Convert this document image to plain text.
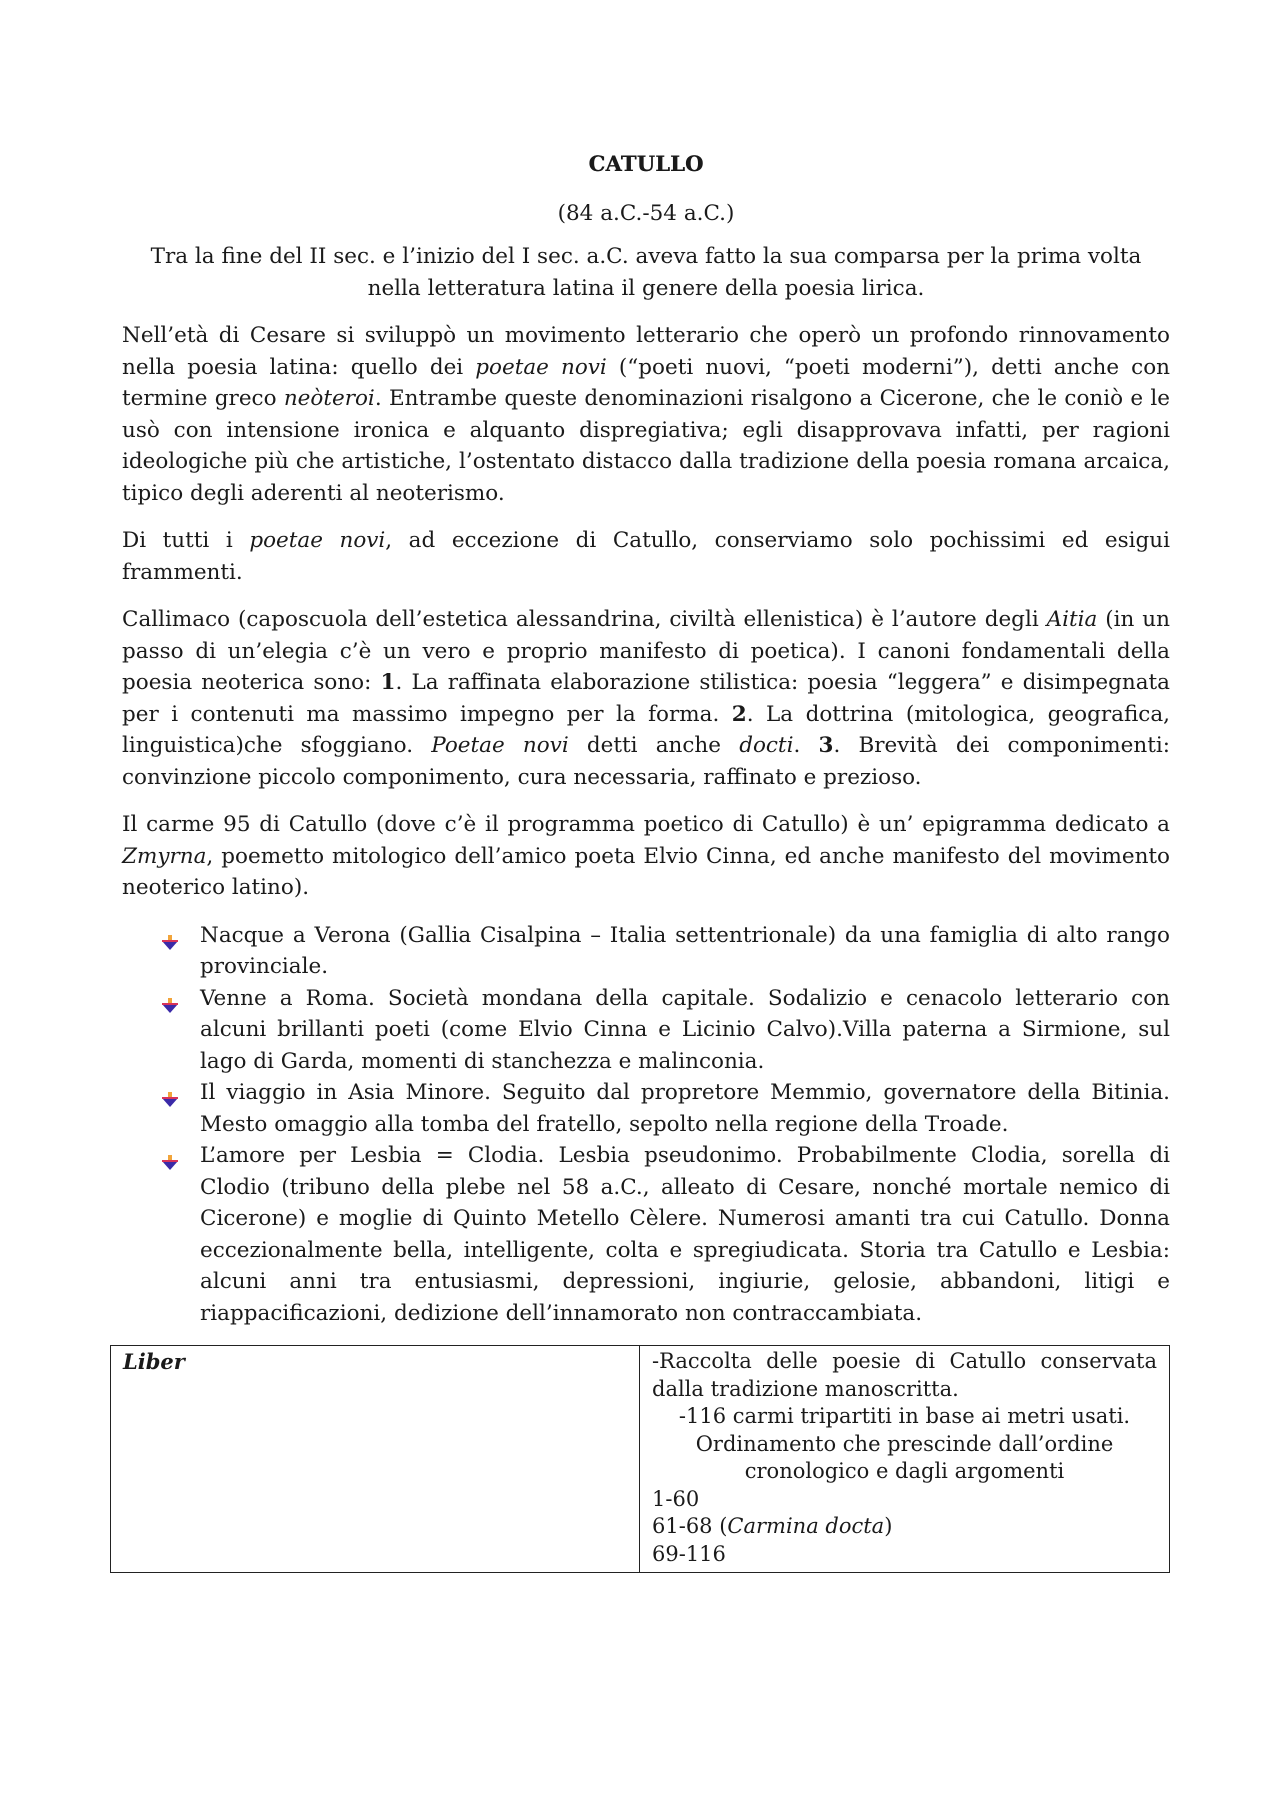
CATULLO
(84 a.C.-54 a.C.)
Tra la fine del II sec. e l’inizio del I sec. a.C. aveva fatto la sua comparsa per la prima volta nella letteratura latina il genere della poesia lirica.

Nell’età di Cesare si sviluppò un movimento letterario che operò un profondo rinnovamento nella poesia latina: quello dei poetae novi (“poeti nuovi, “poeti moderni”), detti anche con termine greco neòteroi. Entrambe queste denominazioni risalgono a Cicerone, che le coniò e le usò con intensione ironica e alquanto dispregiativa; egli disapprovava infatti, per ragioni ideologiche più che artistiche, l’ostentato distacco dalla tradizione della poesia romana arcaica, tipico degli aderenti al neoterismo.

Di tutti i poetae novi, ad eccezione di Catullo, conserviamo solo pochissimi ed esigui frammenti.

Callimaco (caposcuola dell’estetica alessandrina, civiltà ellenistica) è l’autore degli Aitia (in un passo di un’elegia c’è un vero e proprio manifesto di poetica). I canoni fondamentali della poesia neoterica sono: 1. La raffinata elaborazione stilistica: poesia “leggera” e disimpegnata per i contenuti ma massimo impegno per la forma. 2. La dottrina (mitologica, geografica, linguistica)che sfoggiano. Poetae novi detti anche docti. 3. Brevità dei componimenti: convinzione piccolo componimento, cura necessaria, raffinato e prezioso.

Il carme 95 di Catullo (dove c’è il programma poetico di Catullo) è un’ epigramma dedicato a Zmyrna, poemetto mitologico dell’amico poeta Elvio Cinna, ed anche manifesto del movimento neoterico latino).

Nacque a Verona (Gallia Cisalpina – Italia settentrionale) da una famiglia di alto rango provinciale.
Venne a Roma. Società mondana della capitale. Sodalizio e cenacolo letterario con alcuni brillanti poeti (come Elvio Cinna e Licinio Calvo).Villa paterna a Sirmione, sul lago di Garda, momenti di stanchezza e malinconia.
Il viaggio in Asia Minore. Seguito dal propretore Memmio, governatore della Bitinia. Mesto omaggio alla tomba del fratello, sepolto nella regione della Troade.
L’amore per Lesbia = Clodia. Lesbia pseudonimo. Probabilmente Clodia, sorella di Clodio (tribuno della plebe nel 58 a.C., alleato di Cesare, nonché mortale nemico di Cicerone) e moglie di Quinto Metello Cèlere. Numerosi amanti tra cui Catullo. Donna eccezionalmente bella, intelligente, colta e spregiudicata. Storia tra Catullo e Lesbia: alcuni anni tra entusiasmi, depressioni, ingiurie, gelosie, abbandoni, litigi e riappacificazioni, dedizione dell’innamorato non contraccambiata.
Liber	-Raccolta delle poesie di Catullo conservata dalla tradizione manoscritta.
-116 carmi tripartiti in base ai metri usati. Ordinamento che prescinde dall’ordine cronologico e dagli argomenti
1-60
61-68 (Carmina docta)
69-116
